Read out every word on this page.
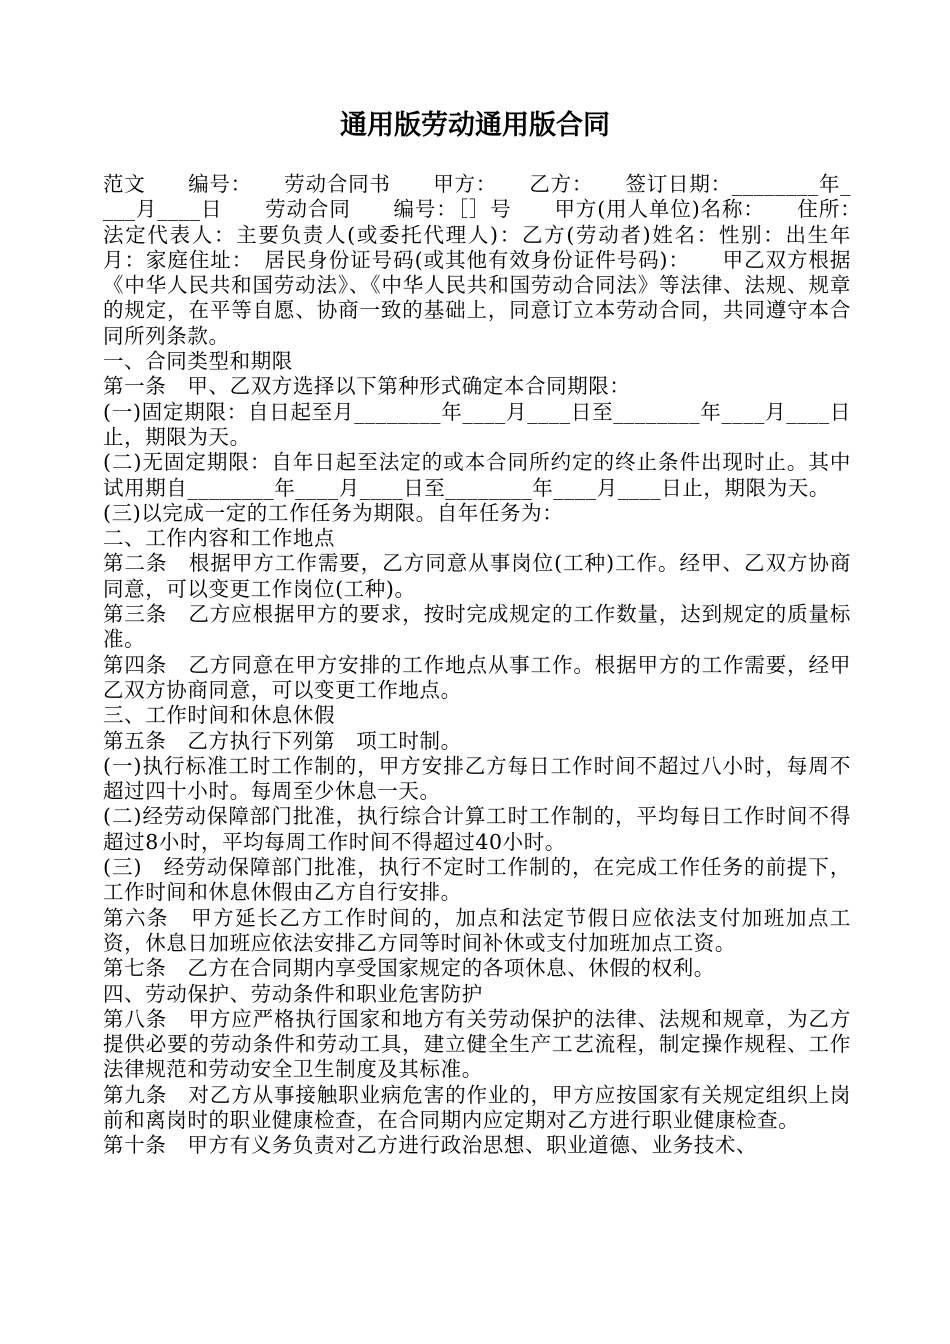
通用版劳动通用版合同

范文　　编号：　　劳动合同书　　甲方：　　乙方：　　签订日期：________年____月____日　　劳动合同　　编号：［］号　　甲方(用人单位)名称：　　住所：　法定代表人：主要负责人(或委托代理人)：乙方(劳动者)姓名：性别：出生年月：家庭住址：　居民身份证号码(或其他有效身份证件号码)：　　甲乙双方根据《中华人民共和国劳动法》、《中华人民共和国劳动合同法》等法律、法规、规章的规定，在平等自愿、协商一致的基础上，同意订立本劳动合同，共同遵守本合同所列条款。

一、合同类型和期限

第一条　甲、乙双方选择以下第种形式确定本合同期限：

(一)固定期限：自日起至月________年____月____日至________年____月____日止，期限为天。

(二)无固定期限：自年日起至法定的或本合同所约定的终止条件出现时止。其中试用期自________年____月____日至________年____月____日止，期限为天。

(三)以完成一定的工作任务为期限。自年任务为：

二、工作内容和工作地点

第二条　根据甲方工作需要，乙方同意从事岗位(工种)工作。经甲、乙双方协商同意，可以变更工作岗位(工种)。

第三条　乙方应根据甲方的要求，按时完成规定的工作数量，达到规定的质量标准。

第四条　乙方同意在甲方安排的工作地点从事工作。根据甲方的工作需要，经甲乙双方协商同意，可以变更工作地点。

三、工作时间和休息休假

第五条　乙方执行下列第　项工时制。

(一)执行标准工时工作制的，甲方安排乙方每日工作时间不超过八小时，每周不超过四十小时。每周至少休息一天。

(二)经劳动保障部门批准，执行综合计算工时工作制的，平均每日工作时间不得超过8小时，平均每周工作时间不得超过40小时。

(三)　经劳动保障部门批准，执行不定时工作制的，在完成工作任务的前提下，工作时间和休息休假由乙方自行安排。

第六条　甲方延长乙方工作时间的，加点和法定节假日应依法支付加班加点工资，休息日加班应依法安排乙方同等时间补休或支付加班加点工资。

第七条　乙方在合同期内享受国家规定的各项休息、休假的权利。

四、劳动保护、劳动条件和职业危害防护

第八条　甲方应严格执行国家和地方有关劳动保护的法律、法规和规章，为乙方提供必要的劳动条件和劳动工具，建立健全生产工艺流程，制定操作规程、工作法律规范和劳动安全卫生制度及其标准。

第九条　对乙方从事接触职业病危害的作业的，甲方应按国家有关规定组织上岗前和离岗时的职业健康检查，在合同期内应定期对乙方进行职业健康检查。

第十条　甲方有义务负责对乙方进行政治思想、职业道德、业务技术、
